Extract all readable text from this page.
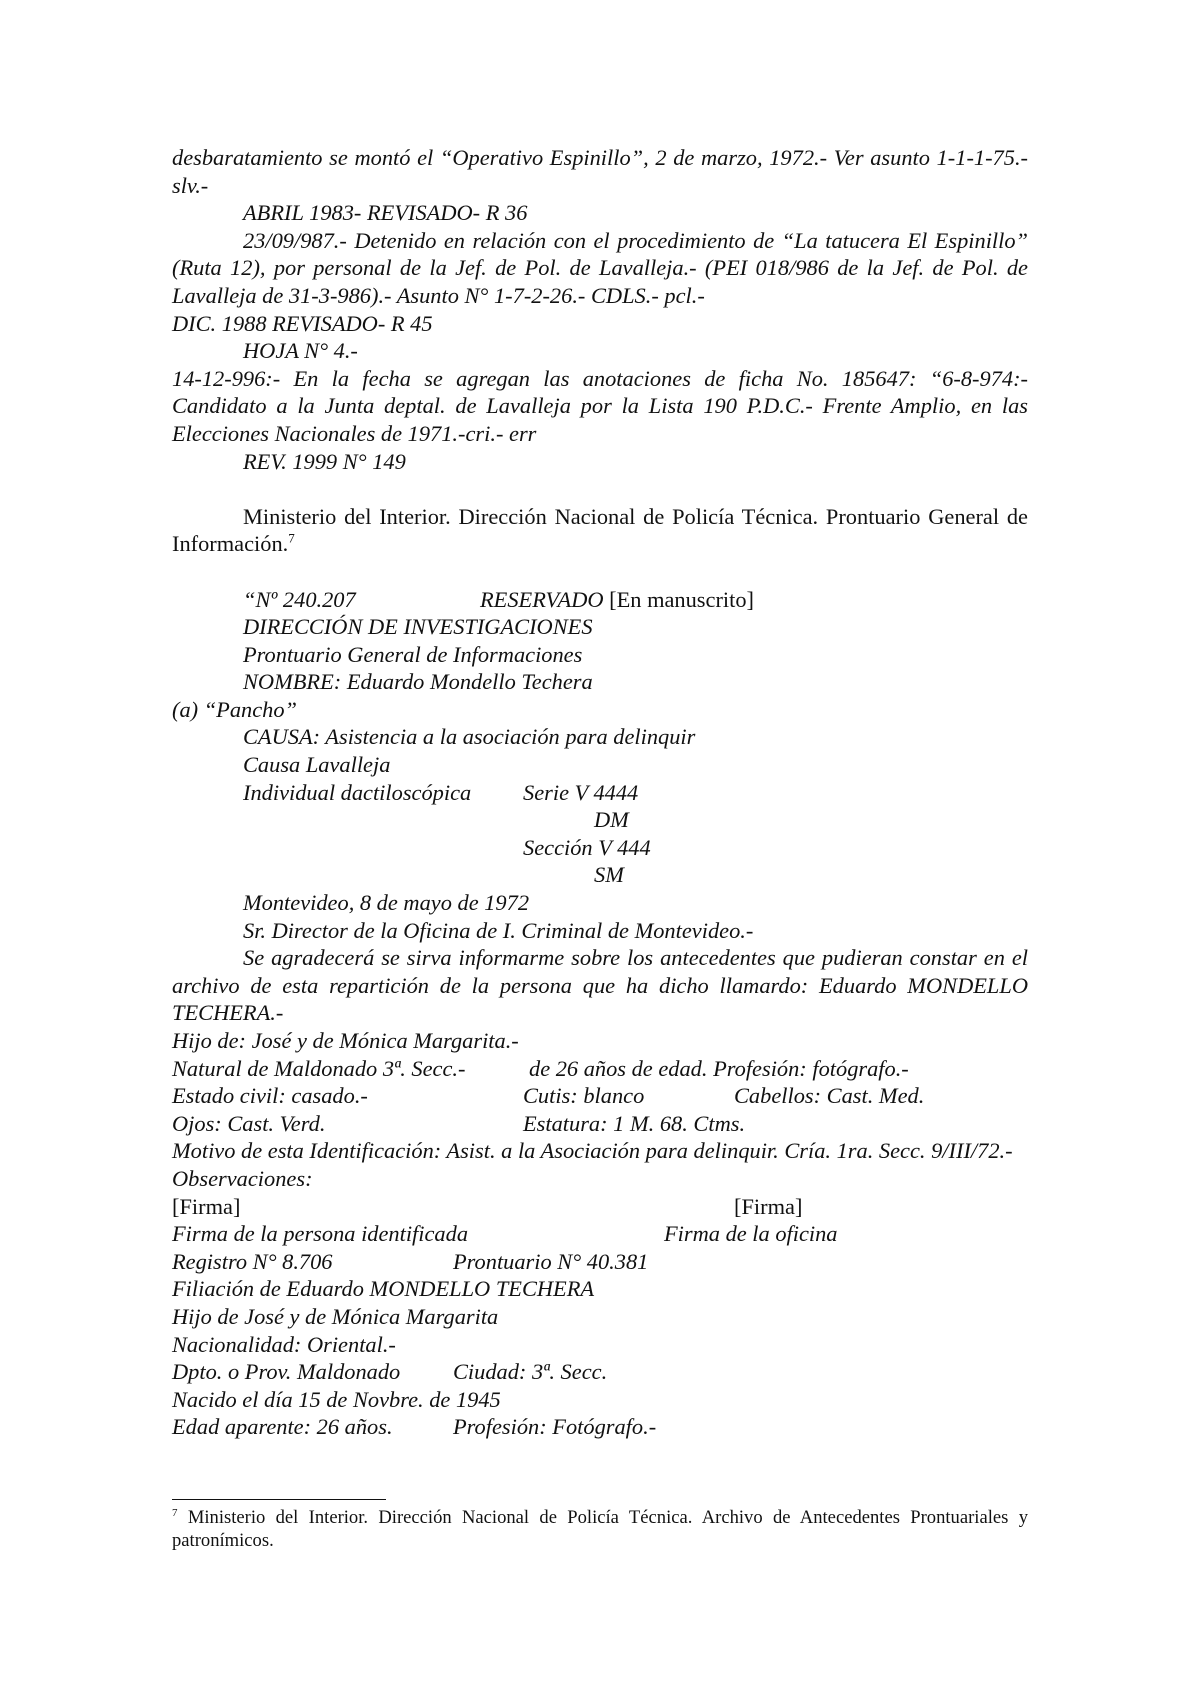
desbaratamiento se montó el “Operativo Espinillo”, 2 de marzo, 1972.- Ver asunto 1-1-1-75.-slv.-
ABRIL 1983- REVISADO- R 36
23/09/987.- Detenido en relación con el procedimiento de “La tatucera El Espinillo” (Ruta 12), por personal de la Jef. de Pol. de Lavalleja.- (PEI 018/986 de la Jef. de Pol. de Lavalleja de 31-3-986).- Asunto N° 1-7-2-26.- CDLS.- pcl.-
DIC. 1988 REVISADO- R 45
HOJA N° 4.-
14-12-996:- En la fecha se agregan las anotaciones de ficha No. 185647: “6-8-974:- Candidato a la Junta deptal. de Lavalleja por la Lista 190 P.D.C.- Frente Amplio, en las Elecciones Nacionales de 1971.-cri.- err
REV. 1999 N° 149
Ministerio del Interior. Dirección Nacional de Policía Técnica. Prontuario General de Información.$^7$
“Nº 240.207	RESERVADO [En manuscrito]
DIRECCIÓN DE INVESTIGACIONES
Prontuario General de Informaciones
NOMBRE: Eduardo Mondello Techera
(a) “Pancho”
CAUSA: Asistencia a la asociación para delinquir
Causa Lavalleja
Individual dactiloscópica Serie V 4444
DM
Sección V 444
SM
Montevideo, 8 de mayo de 1972
Sr. Director de la Oficina de I. Criminal de Montevideo.-
Se agradecerá se sirva informarme sobre los antecedentes que pudieran constar en el archivo de esta repartición de la persona que ha dicho llamardo: Eduardo MONDELLO TECHERA.-
Hijo de: José y de Mónica Margarita.-
Natural de Maldonado 3ª. Secc.-	de 26 años de edad. Profesión: fotógrafo.-
Estado civil: casado.-	Cutis: blanco	Cabellos: Cast. Med.
Ojos: Cast. Verd.	Estatura: 1 M. 68. Ctms.
Motivo de esta Identificación: Asist. a la Asociación para delinquir. Cría. 1ra. Secc. 9/III/72.-
Observaciones:
[Firma]	[Firma]
Firma de la persona identificada	Firma de la oficina
Registro N° 8.706	Prontuario N° 40.381
Filiación de Eduardo MONDELLO TECHERA
Hijo de José y de Mónica Margarita
Nacionalidad: Oriental.-
Dpto. o Prov. Maldonado Ciudad: 3ª. Secc.
Nacido el día 15 de Novbre. de 1945
Edad aparente: 26 años.	Profesión: Fotógrafo.-
$^7$ Ministerio del Interior. Dirección Nacional de Policía Técnica. Archivo de Antecedentes Prontuariales y patronímicos.
